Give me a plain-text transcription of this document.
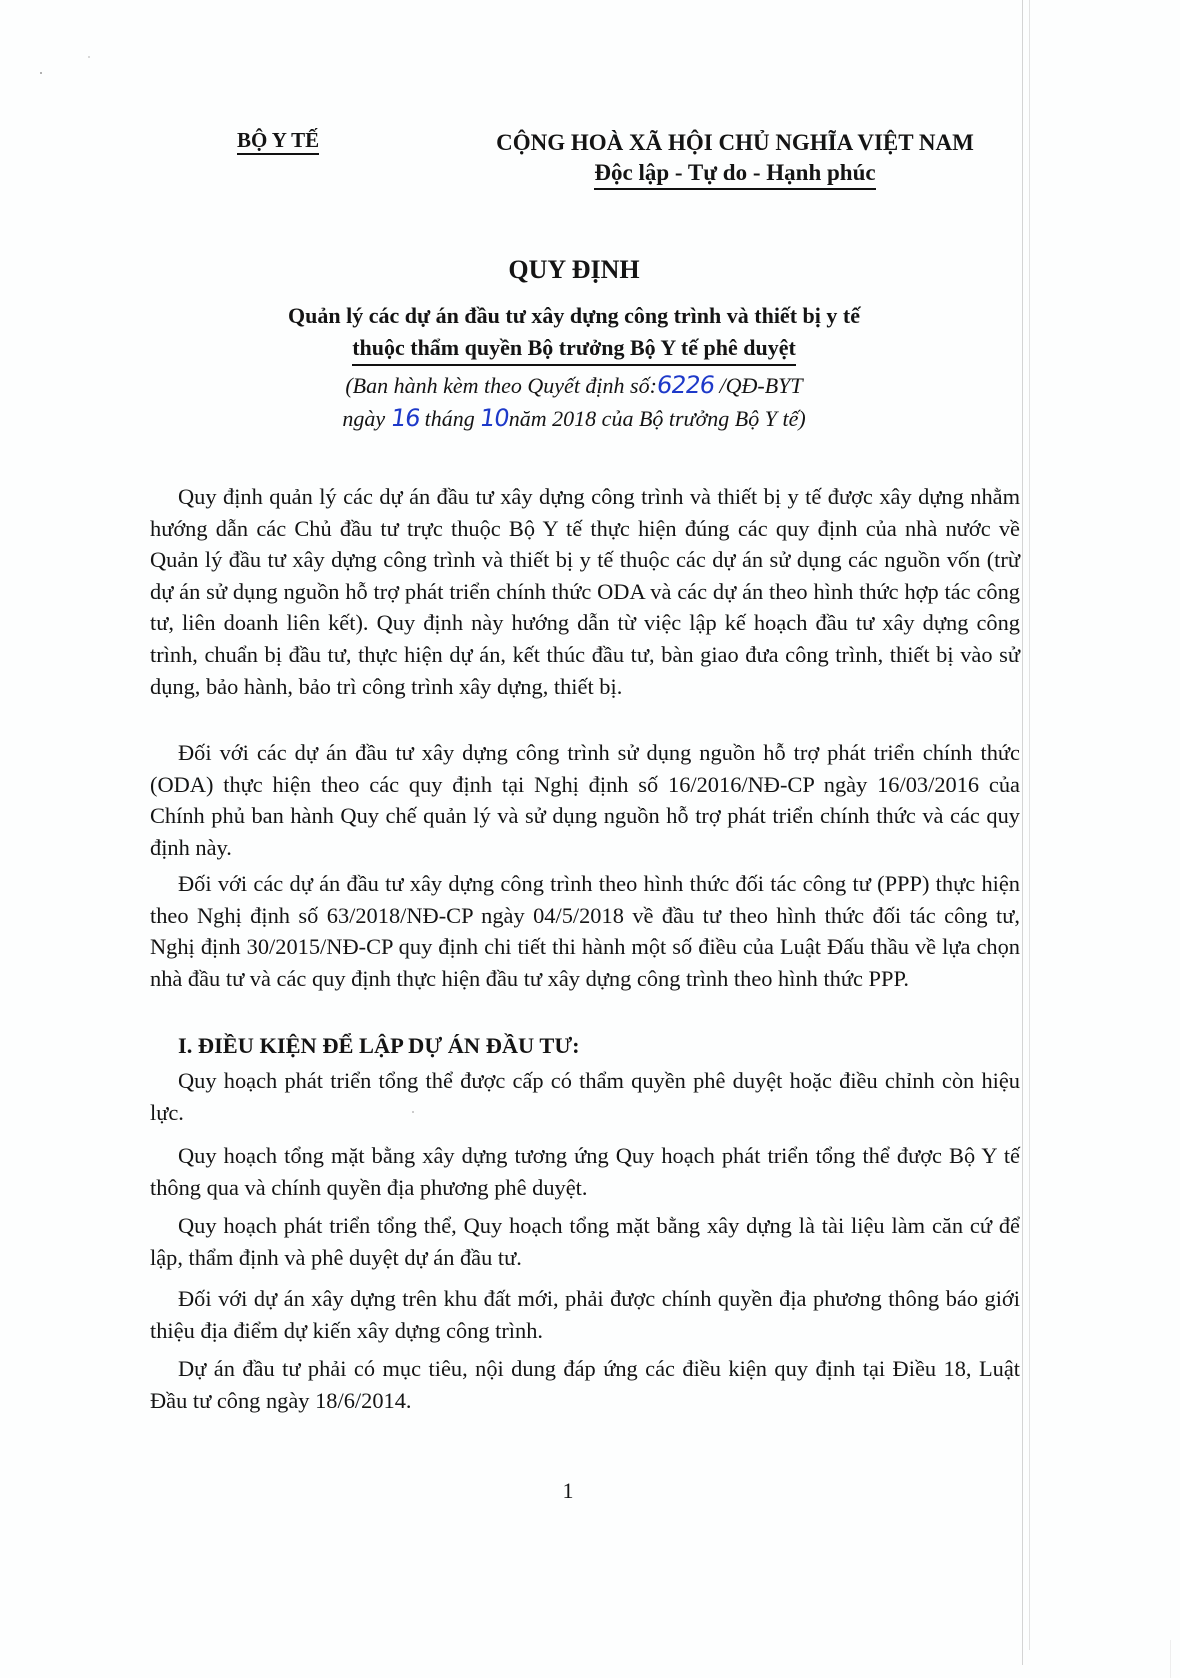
BỘ Y TẾ	CỘNG HOÀ XÃ HỘI CHỦ NGHĨA VIỆT NAM
Độc lập - Tự do - Hạnh phúc
QUY ĐỊNH
Quản lý các dự án đầu tư xây dựng công trình và thiết bị y tế
thuộc thẩm quyền Bộ trưởng Bộ Y tế phê duyệt
(Ban hành kèm theo Quyết định số:6226 /QĐ-BYT
ngày 16 tháng 10năm 2018 của Bộ trưởng Bộ Y tế)

Quy định quản lý các dự án đầu tư xây dựng công trình và thiết bị y tế được xây dựng nhằm hướng dẫn các Chủ đầu tư trực thuộc Bộ Y tế thực hiện đúng các quy định của nhà nước về Quản lý đầu tư xây dựng công trình và thiết bị y tế thuộc các dự án sử dụng các nguồn vốn (trừ dự án sử dụng nguồn hỗ trợ phát triển chính thức ODA và các dự án theo hình thức hợp tác công tư, liên doanh liên kết). Quy định này hướng dẫn từ việc lập kế hoạch đầu tư xây dựng công trình, chuẩn bị đầu tư, thực hiện dự án, kết thúc đầu tư, bàn giao đưa công trình, thiết bị vào sử dụng, bảo hành, bảo trì công trình xây dựng, thiết bị.

Đối với các dự án đầu tư xây dựng công trình sử dụng nguồn hỗ trợ phát triển chính thức (ODA) thực hiện theo các quy định tại Nghị định số 16/2016/NĐ-CP ngày 16/03/2016 của Chính phủ ban hành Quy chế quản lý và sử dụng nguồn hỗ trợ phát triển chính thức và các quy định này.

Đối với các dự án đầu tư xây dựng công trình theo hình thức đối tác công tư (PPP) thực hiện theo Nghị định số 63/2018/NĐ-CP ngày 04/5/2018 về đầu tư theo hình thức đối tác công tư, Nghị định 30/2015/NĐ-CP quy định chi tiết thi hành một số điều của Luật Đấu thầu về lựa chọn nhà đầu tư và các quy định thực hiện đầu tư xây dựng công trình theo hình thức PPP.

I. ĐIỀU KIỆN ĐỂ LẬP DỰ ÁN ĐẦU TƯ:

Quy hoạch phát triển tổng thể được cấp có thẩm quyền phê duyệt hoặc điều chỉnh còn hiệu lực.

Quy hoạch tổng mặt bằng xây dựng tương ứng Quy hoạch phát triển tổng thể được Bộ Y tế thông qua và chính quyền địa phương phê duyệt.

Quy hoạch phát triển tổng thể, Quy hoạch tổng mặt bằng xây dựng là tài liệu làm căn cứ để lập, thẩm định và phê duyệt dự án đầu tư.

Đối với dự án xây dựng trên khu đất mới, phải được chính quyền địa phương thông báo giới thiệu địa điểm dự kiến xây dựng công trình.

Dự án đầu tư phải có mục tiêu, nội dung đáp ứng các điều kiện quy định tại Điều 18, Luật Đầu tư công ngày 18/6/2014.

1
